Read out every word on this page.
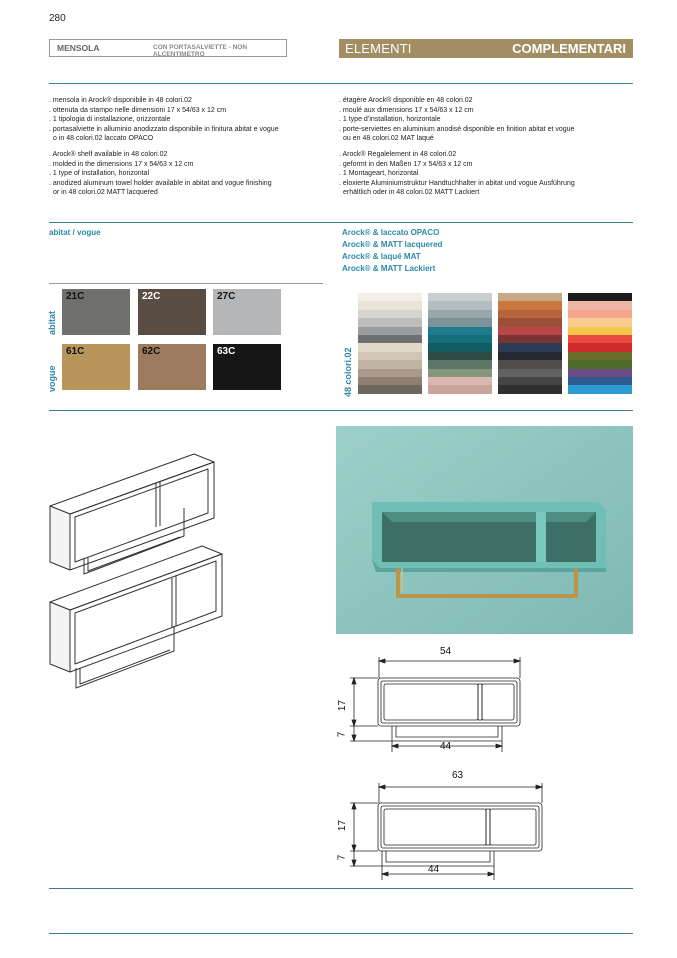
280
MENSOLA	CON PORTASALVIETTE - NON ALCENTIMETRO	ELEMENTI	COMPLEMENTARI
. mensola in Arock® disponibile in 48 colori.02
. ottenuta da stampo nelle dimensioni 17 x 54/63 x 12 cm
. 1 tipologia di installazione, orizzontale
. portasalviette in alluminio anodizzato disponibile in finitura abitat e vogue
o in 48 colori.02 laccato OPACO
. Arock® shelf available in 48 colori.02
. molded in the dimensions 17 x 54/63 x 12 cm
. 1 type of installation, horizontal
. anodized aluminum towel holder available in abitat and vogue finishing
or in 48 colori.02 MATT lacquered
. étagère Arock® disponible en 48 colori.02
. moulé aux dimensions 17 x 54/63 x 12 cm
. 1 type d’installation, horizontale
. porte-serviettes en aluminium anodisé disponible en finition abitat et vogue
ou en 48 colori.02 MAT laqué
. Arock® Regalelement in 48 colori.02
. geformt in den Maßen 17 x 54/63 x 12 cm
. 1 Montageart, horizontal
. eloxierte Aluminiumstruktur Handtuchhalter in abitat und vogue Ausführung
erhältlich oder in 48 colori.02 MATT Lackiert
abitat / vogue	Arock® & laccato OPACO
Arock® & MATT lacquered
Arock® & laqué MAT
Arock® & MATT Lackiert
abitat
vogue	48 colori.02
21C	22C	27C
61C	62C	63C
54
17
7
44
63
17
7
44
